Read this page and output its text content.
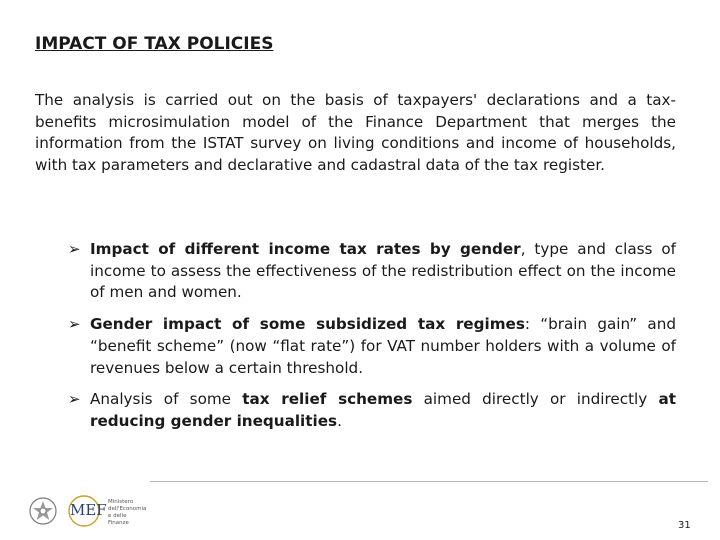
IMPACT OF TAX POLICIES

The analysis is carried out on the basis of taxpayers' declarations and a tax-benefits microsimulation model of the Finance Department that merges the information from the ISTAT survey on living conditions and income of households, with tax parameters and declarative and cadastral data of the tax register.

➢ Impact of different income tax rates by gender, type and class of income to assess the effectiveness of the redistribution effect on the income of men and women.
➢ Gender impact of some subsidized tax regimes: “brain gain” and “benefit scheme” (now “flat rate”) for VAT number holders with a volume of revenues below a certain threshold.
➢ Analysis of some tax relief schemes aimed directly or indirectly at reducing gender inequalities.
MEF Ministero
dell'Economia
e delle Finanze	31
